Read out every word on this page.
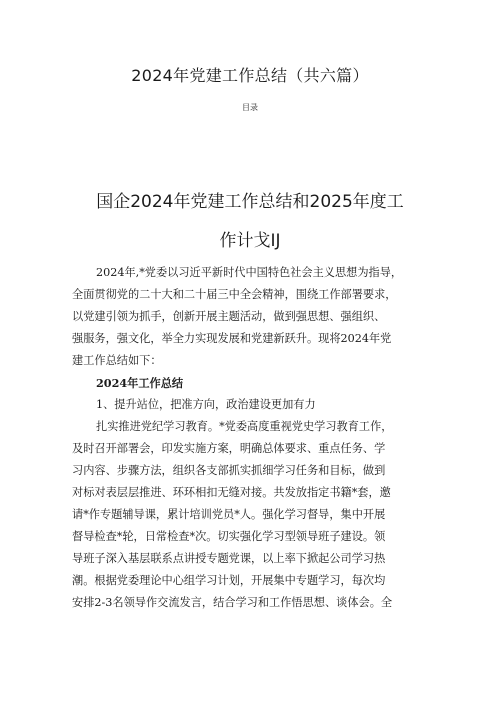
2024年党建工作总结（共六篇）
目录
国企2024年党建工作总结和2025年度工
作计戈IJ
2024年,*党委以习近平新时代中国特色社会主义思想为指导，
全面贯彻党的二十大和二十届三中全会精神，围绕工作部署要求，
以党建引领为抓手，创新开展主题活动，做到强思想、强组织、
强服务，强文化，举全力实现发展和党建新跃升。现将2024年党
建工作总结如下：
2024年工作总结
1、提升站位，把准方向，政治建设更加有力
扎实推进党纪学习教育。*党委高度重视党史学习教育工作，
及时召开部署会，印发实施方案，明确总体要求、重点任务、学
习内容、步骤方法，组织各支部抓实抓细学习任务和目标，做到
对标对表层层推进、环环相扣无缝对接。共发放指定书籍*套，邀
请*作专题辅导课，累计培训党员*人。强化学习督导，集中开展
督导检查*轮，日常检查*次。切实强化学习型领导班子建设。领
导班子深入基层联系点讲授专题党课，以上率下掀起公司学习热
潮。根据党委理论中心组学习计划，开展集中专题学习，每次均
安排2-3名领导作交流发言，结合学习和工作悟思想、谈体会。全
